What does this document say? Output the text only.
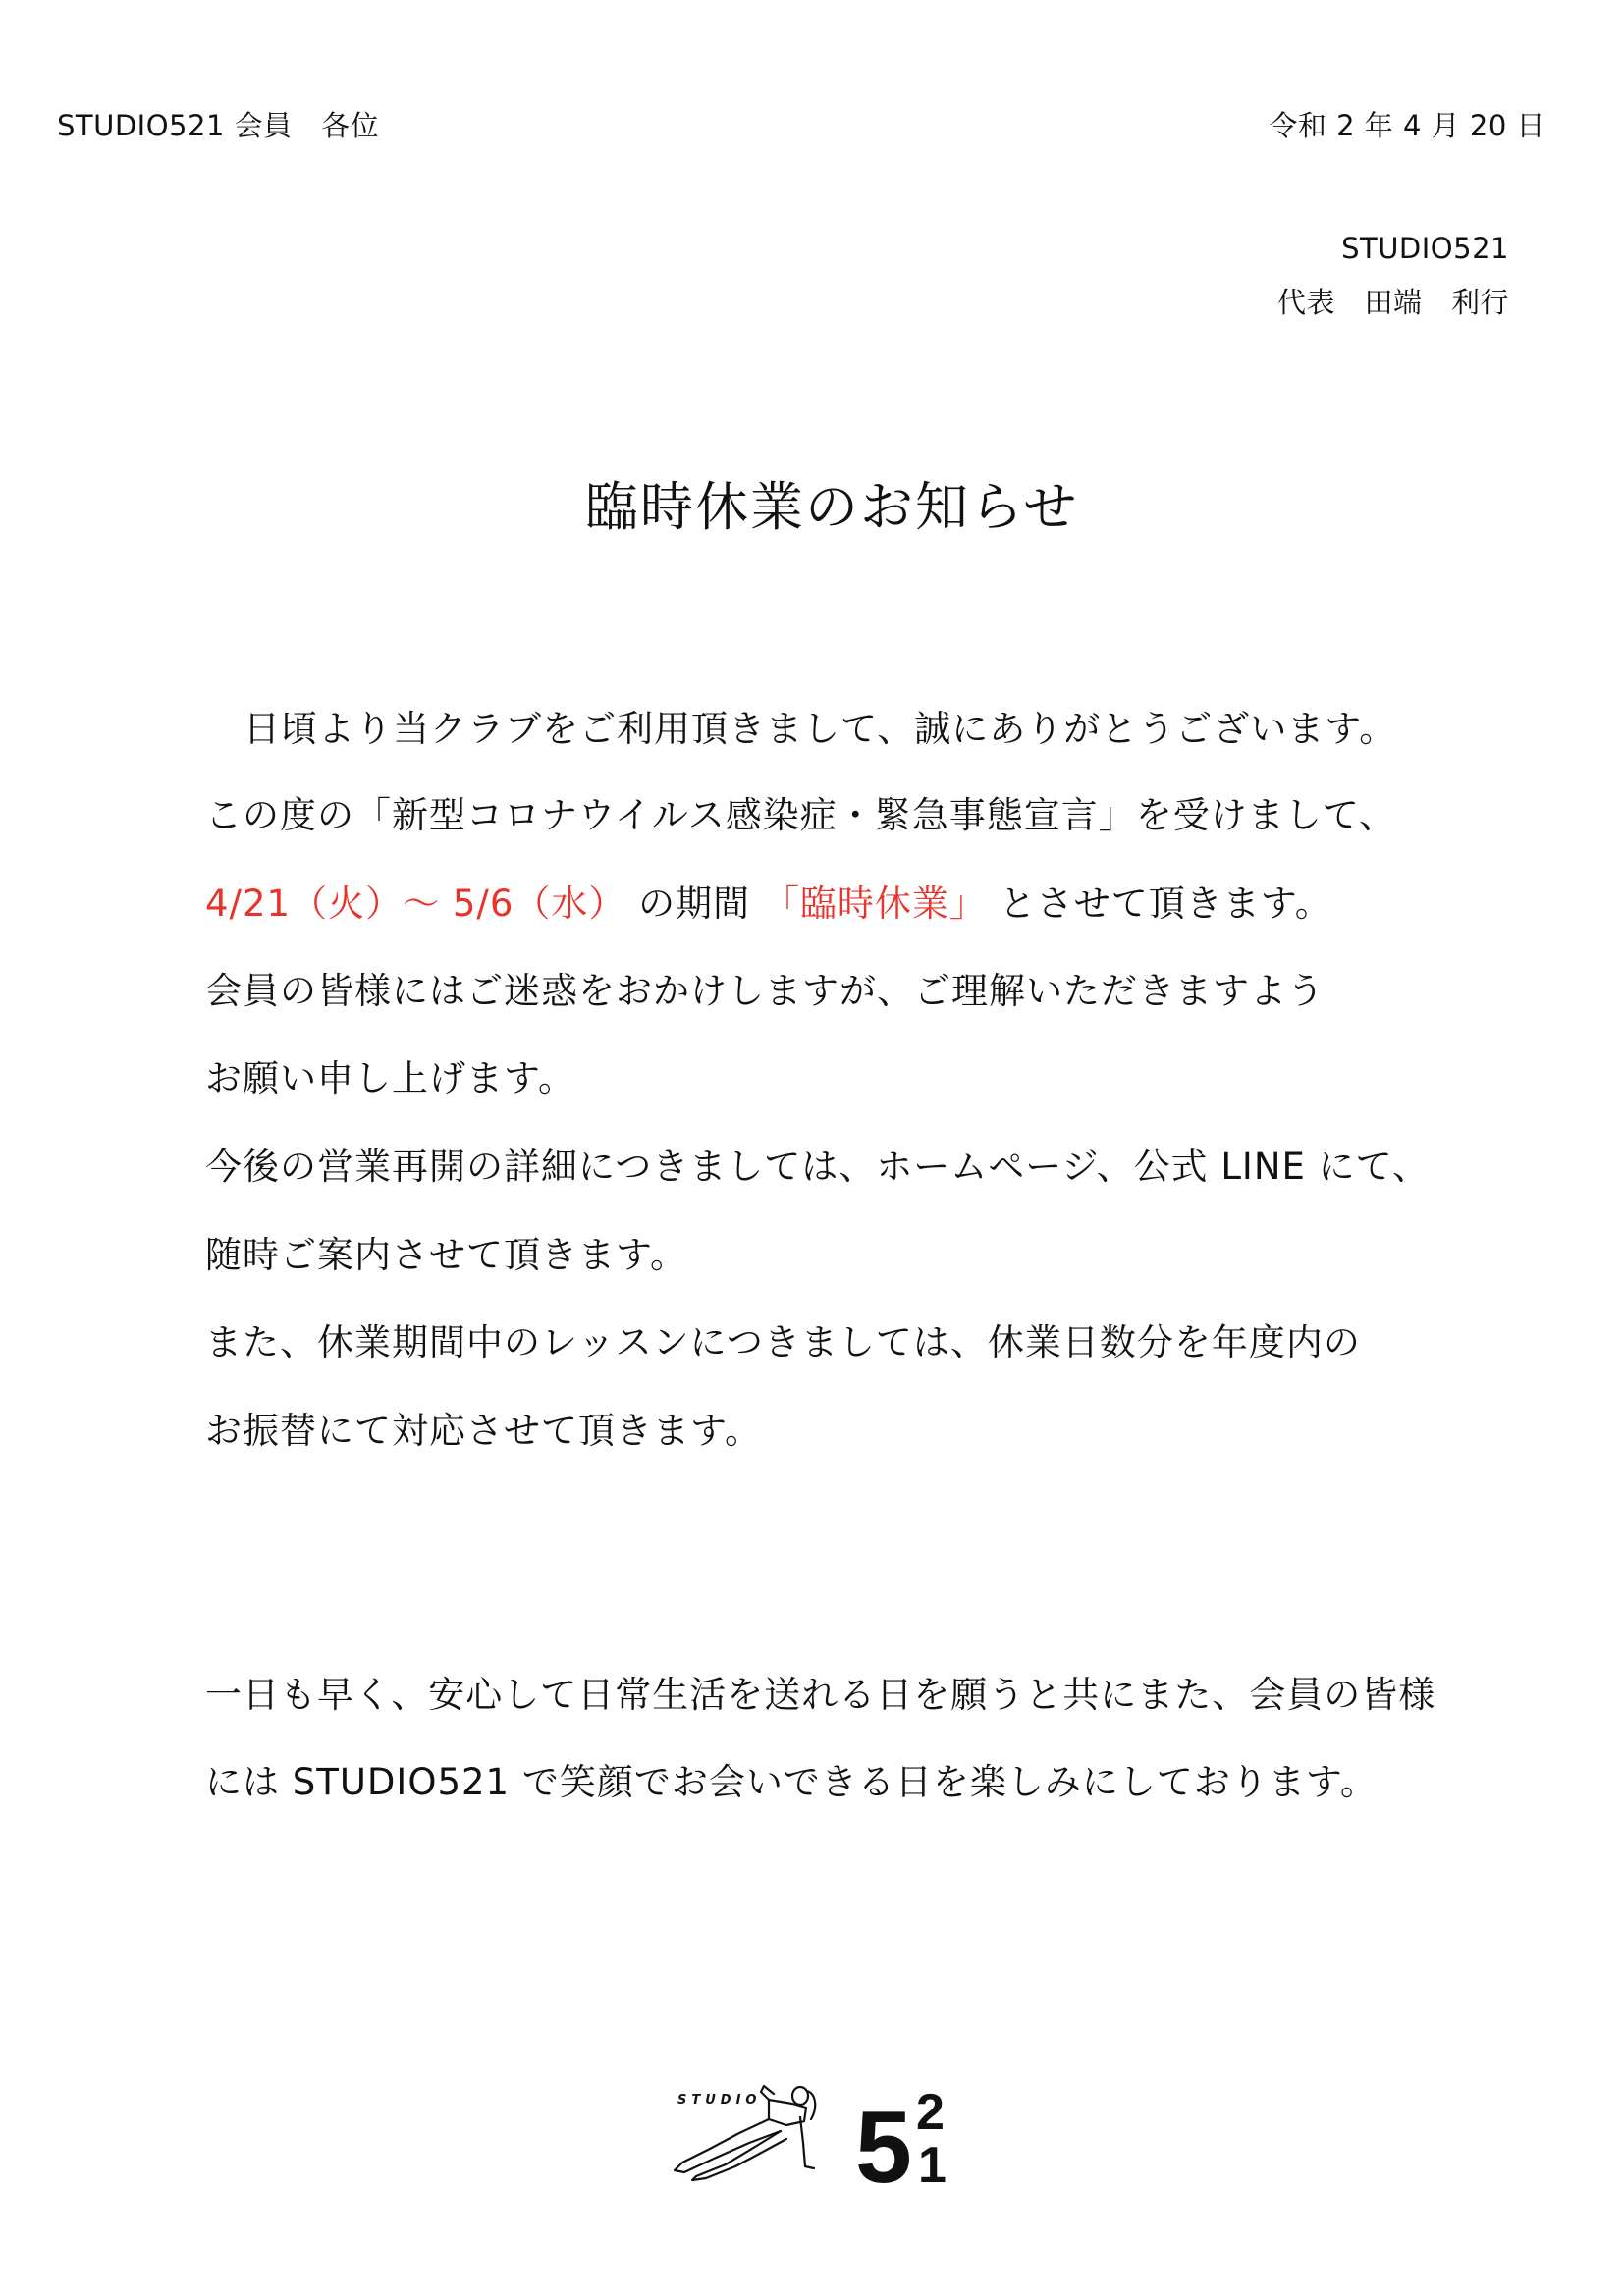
STUDIO521 会員　各位	令和 2 年 4 月 20 日
STUDIO521
代表　田端　利行
臨時休業のお知らせ
日頃より当クラブをご利用頂きまして、誠にありがとうございます。
この度の「新型コロナウイルス感染症・緊急事態宣言」を受けまして、
4/21（火）～ 5/6（水） の期間 「臨時休業」 とさせて頂きます。
会員の皆様にはご迷惑をおかけしますが、ご理解いただきますよう
お願い申し上げます。
今後の営業再開の詳細につきましては、ホームページ、公式 LINE にて、
随時ご案内させて頂きます。
また、休業期間中のレッスンにつきましては、休業日数分を年度内の
お振替にて対応させて頂きます。
一日も早く、安心して日常生活を送れる日を願うと共にまた、会員の皆様
には STUDIO521 で笑顔でお会いできる日を楽しみにしております。
STUDIO 5 2
1
